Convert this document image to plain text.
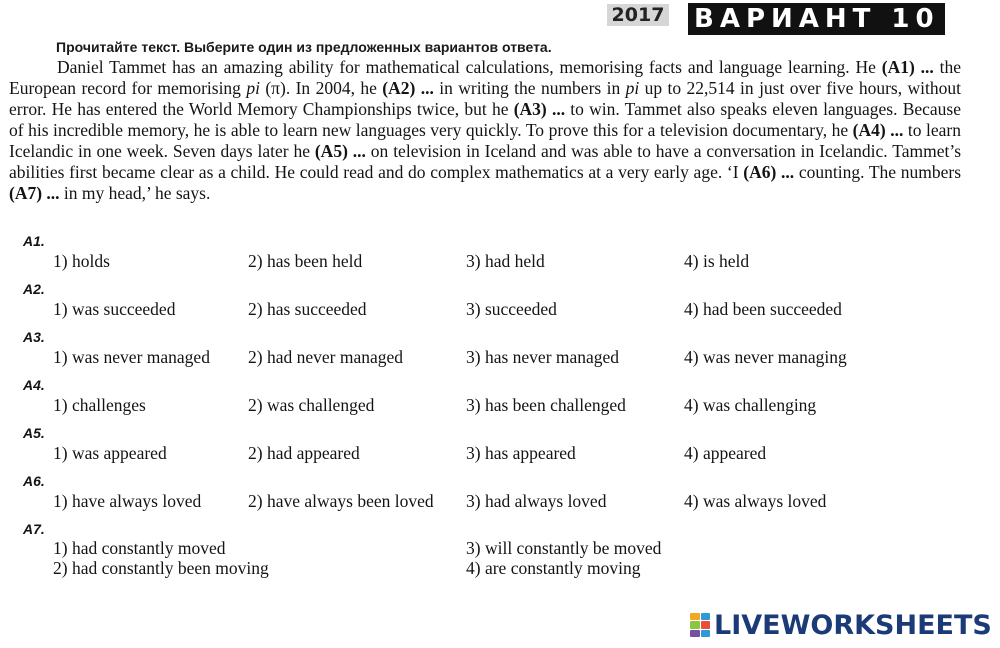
2017 ВАРИАНТ 10
Прочитайте текст. Выберите один из предложенных вариантов ответа.
Daniel Tammet has an amazing ability for mathematical calculations, memorising facts and language learning. He (A1) ... the European record for memorising pi (π). In 2004, he (A2) ... in writing the numbers in pi up to 22,514 in just over five hours, without error. He has entered the World Memory Championships twice, but he (A3) ... to win. Tammet also speaks eleven languages. Because of his incredible memory, he is able to learn new languages very quickly. To prove this for a television documentary, he (A4) ... to learn Icelandic in one week. Seven days later he (A5) ... on television in Iceland and was able to have a conversation in Icelandic. Tammet’s abilities first became clear as a child. He could read and do complex mathematics at a very early age. ‘I (A6) ... counting. The numbers (A7) ... in my head,’ he says.
A1.
1) holds	2) has been held	3) had held	4) is held
A2.
1) was succeeded	2) has succeeded	3) succeeded	4) had been succeeded
A3.
1) was never managed 2) had never managed	3) has never managed	4) was never managing
A4.
1) challenges	2) was challenged	3) has been challenged	4) was challenging
A5.
1) was appeared	2) had appeared	3) has appeared	4) appeared
A6.
1) have always loved	2) have always been loved 3) had always loved	4) was always loved
A7.
1) had constantly moved	3) will constantly be moved
2) had constantly been moving	4) are constantly moving
LIVEWORKSHEETS
